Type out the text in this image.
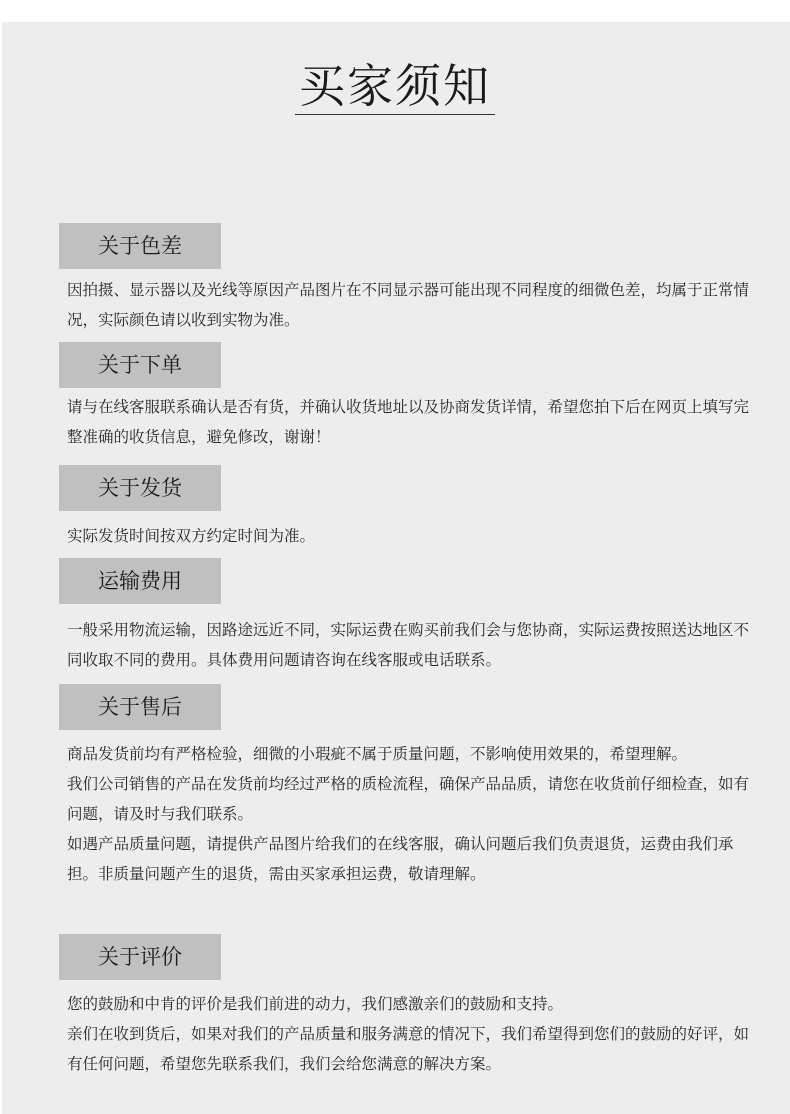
买家须知
关于色差

因拍摄、显示器以及光线等原因产品图片在不同显示器可能出现不同程度的细微色差，均属于正常情况，实际颜色请以收到实物为准。

关于下单

请与在线客服联系确认是否有货，并确认收货地址以及协商发货详情，希望您拍下后在网页上填写完整准确的收货信息，避免修改，谢谢！

关于发货

实际发货时间按双方约定时间为准。

运输费用

一般采用物流运输，因路途远近不同，实际运费在购买前我们会与您协商，实际运费按照送达地区不同收取不同的费用。具体费用问题请咨询在线客服或电话联系。

关于售后

商品发货前均有严格检验，细微的小瑕疵不属于质量问题，不影响使用效果的，希望理解。

我们公司销售的产品在发货前均经过严格的质检流程，确保产品品质，请您在收货前仔细检查，如有问题，请及时与我们联系。

如遇产品质量问题，请提供产品图片给我们的在线客服，确认问题后我们负责退货，运费由我们承担。非质量问题产生的退货，需由买家承担运费，敬请理解。

关于评价

您的鼓励和中肯的评价是我们前进的动力，我们感激亲们的鼓励和支持。

亲们在收到货后，如果对我们的产品质量和服务满意的情况下，我们希望得到您们的鼓励的好评，如有任何问题，希望您先联系我们，我们会给您满意的解决方案。
